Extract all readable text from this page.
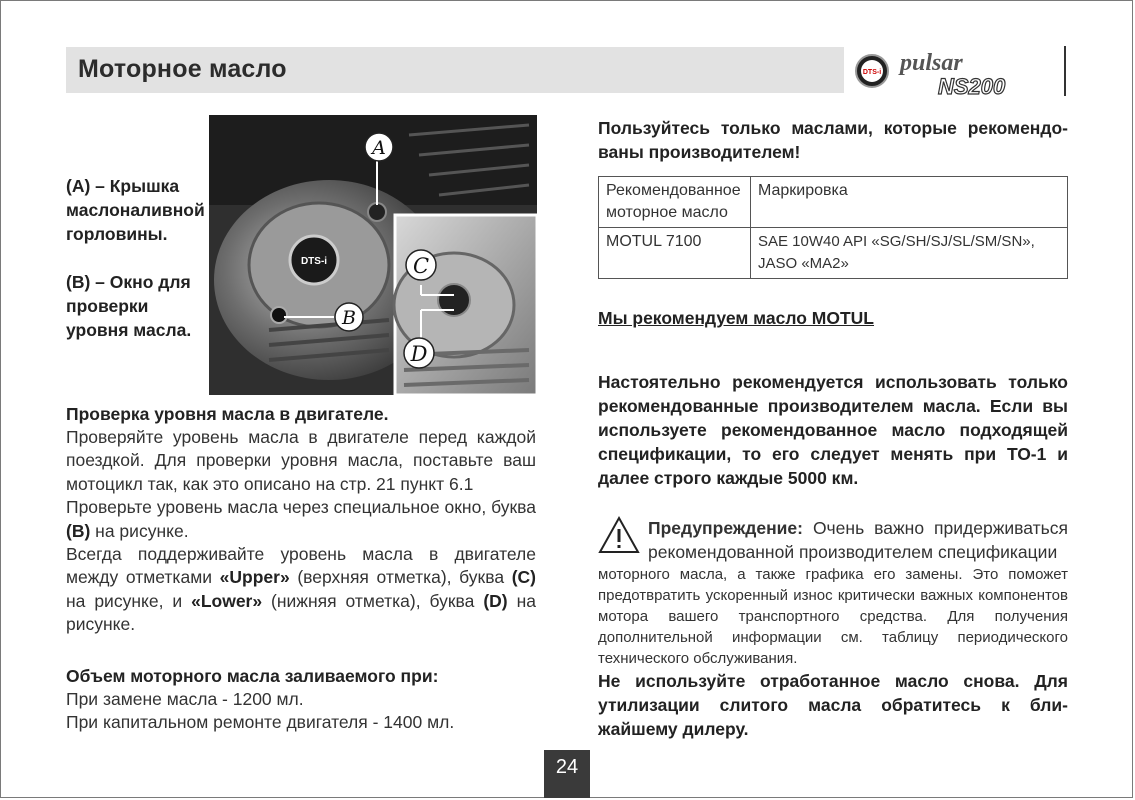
Моторное масло	DTS-i pulsar
NS200
DTS-i
A
B
C
D
(A) – Крышка
маслоналивной
горловины.
(B) – Окно для
проверки
уровня масла.
Проверка уровня масла в двигателе.
Проверяйте уровень масла в двигателе перед каждой поездкой. Для проверки уровня масла, поставьте ваш мотоцикл так, как это описано на стр. 21 пункт 6.1
Проверьте уровень масла через специальное окно, буква (B) на рисунке.
Всегда поддерживайте уровень масла в двигателе между отметками «Upper» (верхняя отметка), буква (C) на рисунке, и «Lower» (нижняя отметка), буква (D) на рисунке.
Объем моторного масла заливаемого при:
При замене масла - 1200 мл.
При капитальном ремонте двигателя - 1400 мл.
Пользуйтесь только маслами, которые рекомендо-ваны производителем!
Рекомендованное моторное масло	Маркировка
MOTUL 7100	SAE 10W40 API «SG/SH/SJ/SL/SM/SN», JASO «MA2»
Мы рекомендуем масло MOTUL
Настоятельно рекомендуется использовать только рекомендованные производителем масла. Если вы используете рекомендованное масло подходящей спецификации, то его следует менять при ТО-1 и далее строго каждые 5000 км.
Предупреждение: Очень важно придерживаться рекомендованной производителем спецификации
моторного масла, а также графика его замены. Это поможет предотвратить ускоренный износ критически важных компонентов мотора вашего транспортного средства. Для получения дополнительной информации см. таблицу периодического технического обслуживания.
Не используйте отработанное масло снова. Для утилизации слитого масла обратитесь к бли-жайшему дилеру.
24
